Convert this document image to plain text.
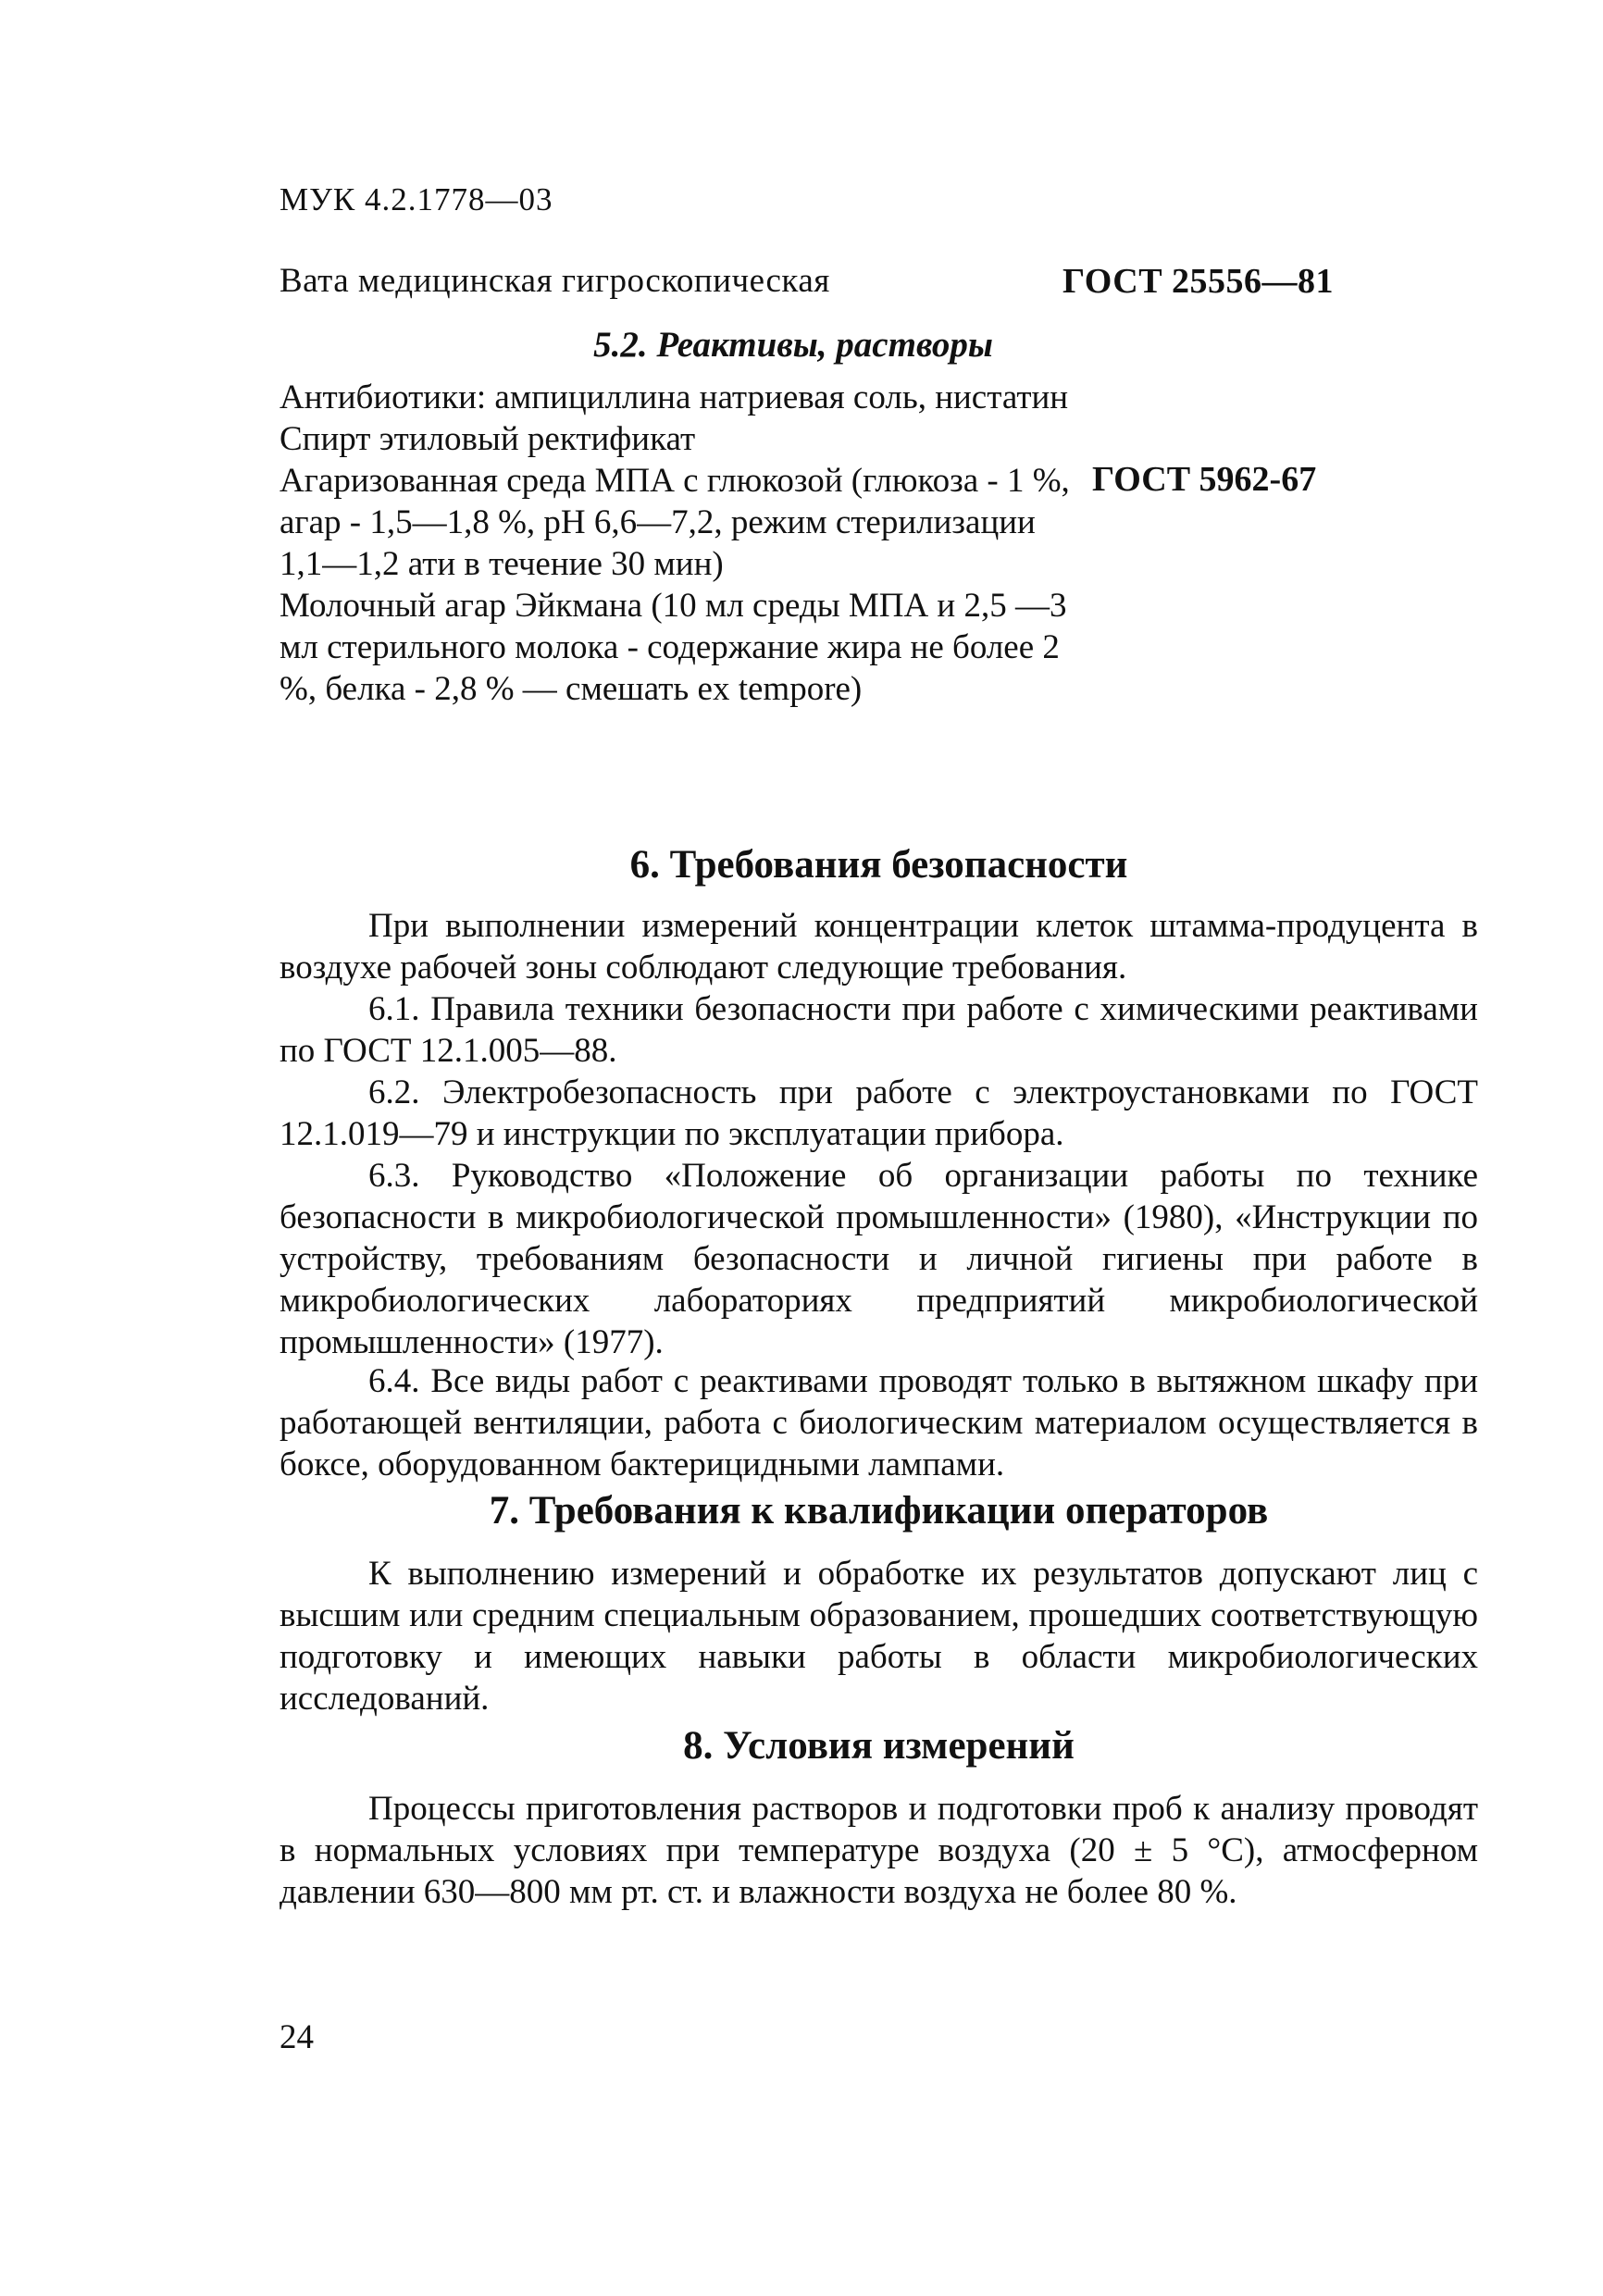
МУК 4.2.1778—03

Вата медицинская гигроскопическая	ГОСТ 25556—81

5.2. Реактивы, растворы

Антибиотики: ампициллина натриевая соль, нистатин

Спирт этиловый ректификат

Агаризованная среда МПА с глюкозой (глюкоза - 1 %, агар - 1,5—1,8 %, рН 6,6—7,2, режим стерилизации 1,1—1,2 ати в течение 30 мин)

Молочный агар Эйкмана (10 мл среды МПА и 2,5 —3 мл стерильного молока - содержание жира не более 2 %, белка - 2,8 % — смешать ex tempore)

ГОСТ 5962-67
6. Требования безопасности

При выполнении измерений концентрации клеток штамма-продуцента в воздухе рабочей зоны соблюдают следующие требования.

6.1. Правила техники безопасности при работе с химическими реактивами по ГОСТ 12.1.005—88.

6.2. Электробезопасность при работе с электроустановками по ГОСТ 12.1.019—79 и инструкции по эксплуатации прибора.

6.3. Руководство «Положение об организации работы по технике безопасности в микробиологической промышленности» (1980), «Инструкции по устройству, требованиям безопасности и личной гигиены при работе в микробиологических лабораториях предприятий микробиологической промышленности» (1977).

6.4. Все виды работ с реактивами проводят только в вытяжном шкафу при работающей вентиляции, работа с биологическим материалом осуществляется в боксе, оборудованном бактерицидными лампами.

7. Требования к квалификации операторов

К выполнению измерений и обработке их результатов допускают лиц с высшим или средним специальным образованием, прошедших соответствующую подготовку и имеющих навыки работы в области микробиологических исследований.

8. Условия измерений

Процессы приготовления растворов и подготовки проб к анализу проводят в нормальных условиях при температуре воздуха (20 ± 5 °С), атмосферном давлении 630—800 мм рт. ст. и влажности воздуха не более 80 %.

24
